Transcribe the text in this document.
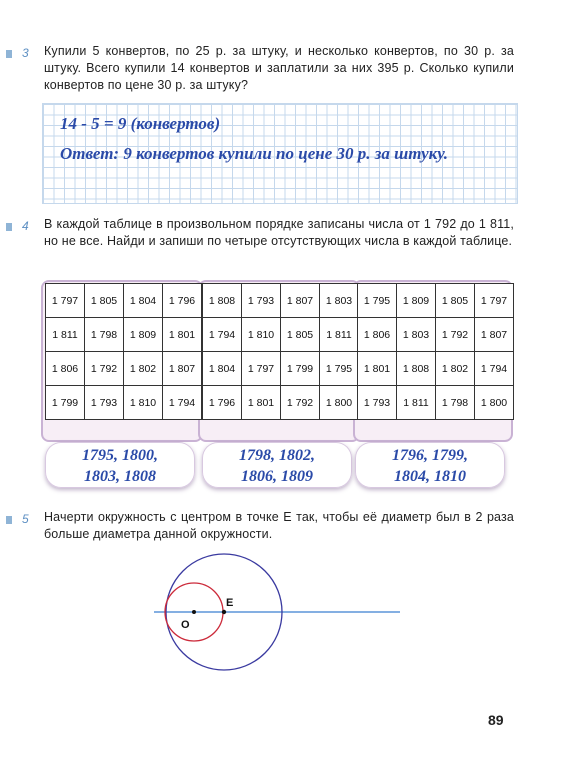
3	Купили 5 конвертов, по 25 р. за штуку, и несколько конвертов, по 30 р. за штуку. Всего купили 14 конвертов и заплатили за них 395 р. Сколько купили конвертов по цене 30 р. за штуку?
14 - 5 = 9 (конвертов)
Ответ: 9 конвертов купили по цене 30 р. за штуку.
4	В каждой таблице в произвольном порядке записаны числа от 1 792 до 1 811, но не все. Найди и запиши по четыре отсутствующих числа в каждой таблице.
1 797	1 805	1 804	1 796
1 811	1 798	1 809	1 801
1 806	1 792	1 802	1 807
1 799	1 793	1 810	1 794
1 808	1 793	1 807	1 803
1 794	1 810	1 805	1 811
1 804	1 797	1 799	1 795
1 796	1 801	1 792	1 800
1 795	1 809	1 805	1 797
1 806	1 803	1 792	1 807
1 801	1 808	1 802	1 794
1 793	1 811	1 798	1 800
1795, 1800,
1803, 1808
1798, 1802,
1806, 1809
1796, 1799,
1804, 1810
5	Начерти окружность с центром в точке E так, чтобы её диаметр был в 2 раза больше диаметра данной окружности.
O
E
89
